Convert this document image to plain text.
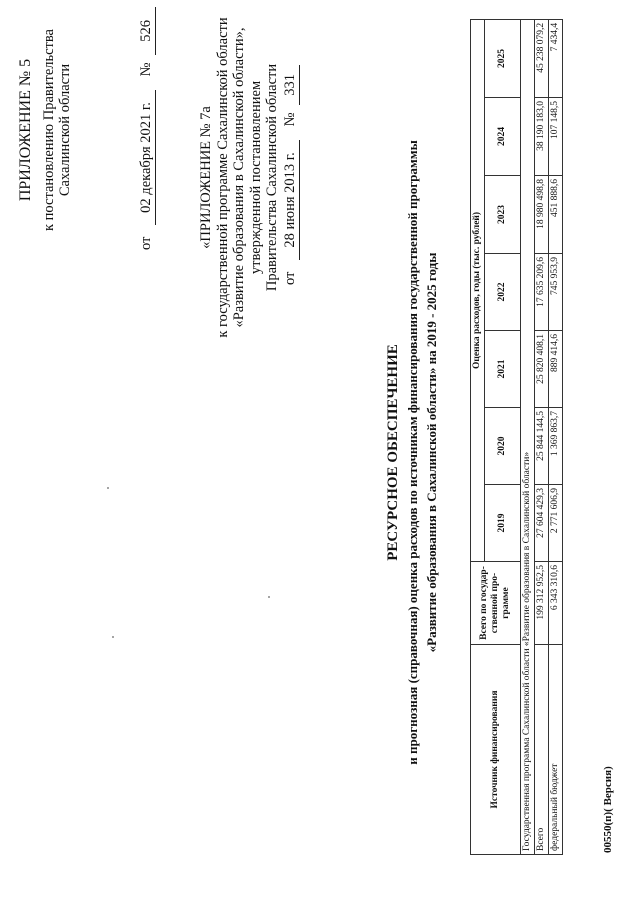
ПРИЛОЖЕНИЕ № 5 к постановлению Правительства Сахалинской области
от 02 декабря 2021 г. № 526
«ПРИЛОЖЕНИЕ № 7а к государственной программе Сахалинской области «Развитие образования в Сахалинской области», утвержденной постановлением Правительства Сахалинской области от 28 июня 2013 г. № 331
РЕСУРСНОЕ ОБЕСПЕЧЕНИЕ и прогнозная (справочная) оценка расходов по источникам финансирования государственной программы «Развитие образования в Сахалинской области» на 2019 - 2025 годы
Источник финансирования	Всего по государ-ственной про-грамме	Оценка расходов, годы (тыс. рублей)						
		2019	2020	2021	2022	2023	2024	2025
Государственная программа Сахалинской области «Развитие образования в Сахалинской области»								
Всего	199 312 952,5	27 604 429,3	25 844 144,5	25 820 408,1	17 635 209,6	18 980 498,8	38 190 183,0	45 238 079,2
федеральный бюджет	6 343 310,6	2 771 606,9	1 369 863,7	889 414,6	745 953,9	451 888,6	107 148,5	7 434,4
00550(п)( Версия)
